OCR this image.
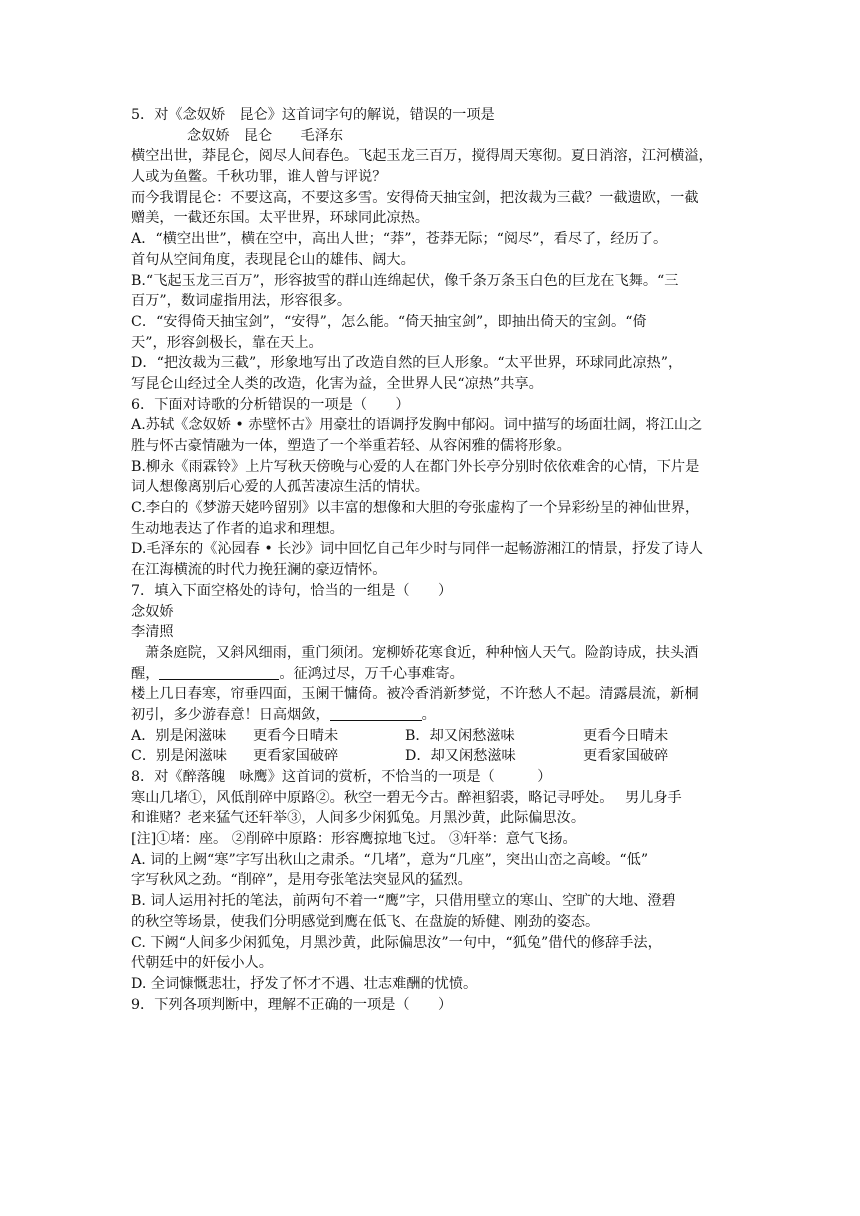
5．对《念奴娇　昆仑》这首词字句的解说，错误的一项是
念奴娇　昆仑　　毛泽东
横空出世，莽昆仑，阅尽人间春色。飞起玉龙三百万，搅得周天寒彻。夏日消溶，江河横溢，
人或为鱼鳖。千秋功罪，谁人曾与评说？
而今我谓昆仑：不要这高，不要这多雪。安得倚天抽宝剑，把汝裁为三截？一截遗欧，一截
赠美，一截还东国。太平世界，环球同此凉热。
A．“横空出世”，横在空中，高出人世；“莽”，苍莽无际；“阅尽”，看尽了，经历了。
首句从空间角度，表现昆仑山的雄伟、阔大。
B.“飞起玉龙三百万”，形容披雪的群山连绵起伏，像千条万条玉白色的巨龙在飞舞。“三
百万”，数词虚指用法，形容很多。
C．“安得倚天抽宝剑”，“安得”，怎么能。“倚天抽宝剑”，即抽出倚天的宝剑。“倚
天”，形容剑极长，靠在天上。
D．“把汝裁为三截”，形象地写出了改造自然的巨人形象。“太平世界，环球同此凉热”，
写昆仑山经过全人类的改造，化害为益，全世界人民“凉热”共享。
6．下面对诗歌的分析错误的一项是（　　）
A.苏轼《念奴娇 • 赤壁怀古》用豪壮的语调抒发胸中郁闷。词中描写的场面壮阔，将江山之
胜与怀古豪情融为一体，塑造了一个举重若轻、从容闲雅的儒将形象。
B.柳永《雨霖铃》上片写秋天傍晚与心爱的人在都门外长亭分别时依依难舍的心情，下片是
词人想像离别后心爱的人孤苦凄凉生活的情状。
C.李白的《梦游天姥吟留别》以丰富的想像和大胆的夸张虚构了一个异彩纷呈的神仙世界，
生动地表达了作者的追求和理想。
D.毛泽东的《沁园春 • 长沙》词中回忆自己年少时与同伴一起畅游湘江的情景，抒发了诗人
在江海横流的时代力挽狂澜的豪迈情怀。
7．填入下面空格处的诗句，恰当的一组是（　　）
念奴娇
李清照
萧条庭院，又斜风细雨，重门须闭。宠柳娇花寒食近，种种恼人天气。险韵诗成，扶头酒
醒，	。征鸿过尽，万千心事难寄。
楼上几日春寒，帘垂四面，玉阑干慵倚。被冷香消新梦觉，不许愁人不起。清露晨流，新桐
初引，多少游春意！日高烟敛，	。
A．别是闲滋味	更看今日晴未	B．却又闲愁滋味	更看今日晴未
C．别是闲滋味	更看家国破碎	D．却又闲愁滋味	更看家国破碎
8．对《醉落魄　咏鹰》这首词的赏析，不恰当的一项是（　　　）
寒山几堵①，风低削碎中原路②。秋空一碧无今古。醉袒貂裘，略记寻呼处。　 男儿身手
和谁赌？老来猛气还轩举③，人间多少闲狐兔。月黑沙黄，此际偏思汝。
[注]①堵：座。 ②削碎中原路：形容鹰掠地飞过。 ③轩举：意气飞扬。
A. 词的上阙“寒”字写出秋山之肃杀。“几堵”，意为“几座”，突出山峦之高峻。“低”
字写秋风之劲。“削碎”，是用夸张笔法突显风的猛烈。
B. 词人运用衬托的笔法，前两句不着一“鹰”字，只借用壁立的寒山、空旷的大地、澄碧
的秋空等场景，使我们分明感觉到鹰在低飞、在盘旋的矫健、刚劲的姿态。
C. 下阙“人间多少闲狐兔，月黑沙黄，此际偏思汝”一句中，“狐兔”借代的修辞手法，
代朝廷中的奸佞小人。
D. 全词慷慨悲壮，抒发了怀才不遇、壮志难酬的忧愤。
9．下列各项判断中，理解不正确的一项是（　　）
